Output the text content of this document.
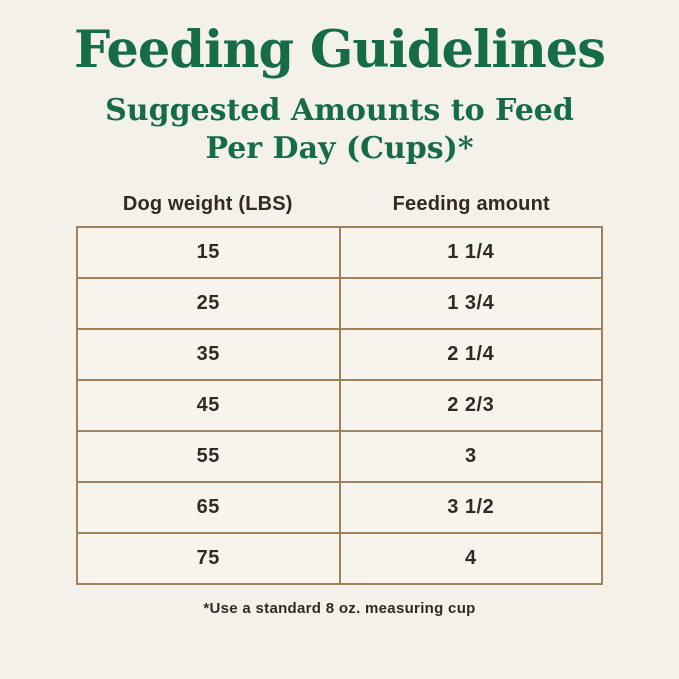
Feeding Guidelines
Suggested Amounts to Feed
Per Day (Cups)*
Dog weight (LBS)	Feeding amount
15	1 1/4
25	1 3/4
35	2 1/4
45	2 2/3
55	3
65	3 1/2
75	4
*Use a standard 8 oz. measuring cup
